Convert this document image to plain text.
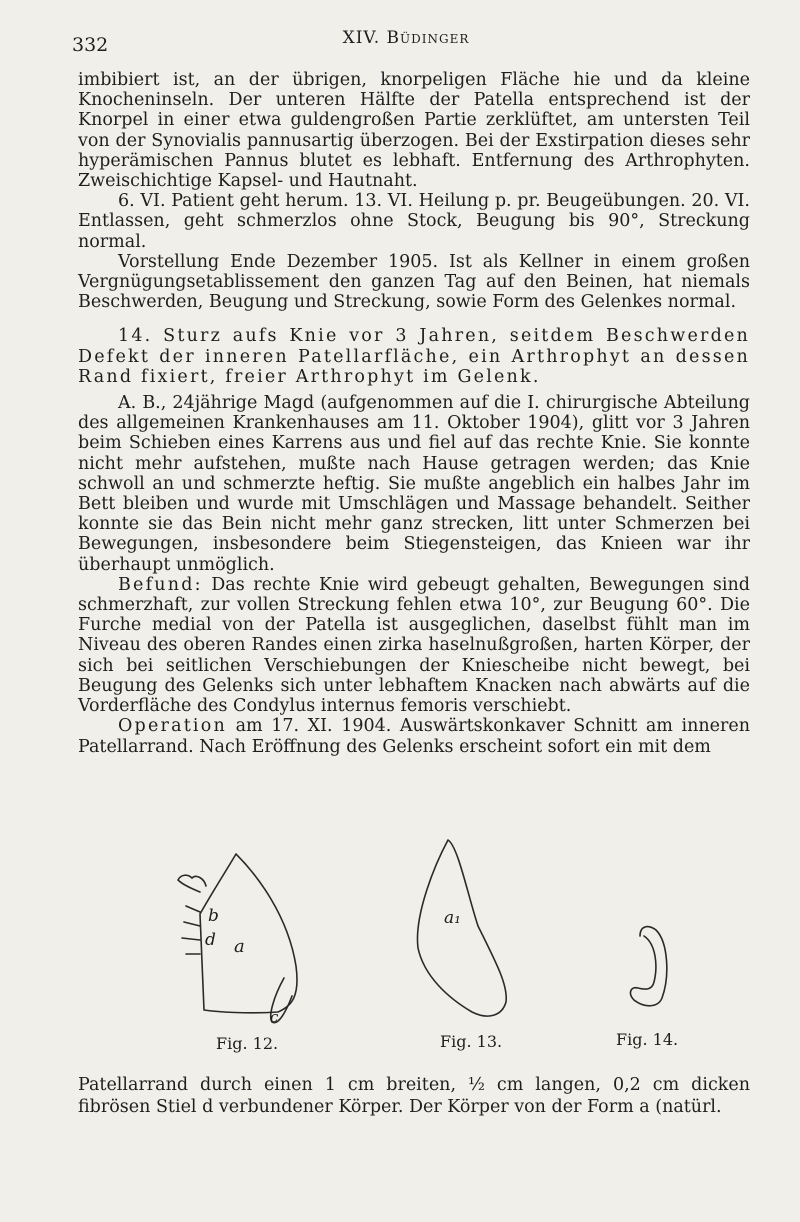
332	XIV. Büdinger

imbibiert ist, an der übrigen, knorpeligen Fläche hie und da kleine Knocheninseln. Der unteren Hälfte der Patella entsprechend ist der Knorpel in einer etwa guldengroßen Partie zerklüftet, am untersten Teil von der Synovialis pannusartig überzogen. Bei der Exstirpation dieses sehr hyperämischen Pannus blutet es lebhaft. Entfernung des Arthrophyten. Zweischichtige Kapsel- und Hautnaht.

6. VI. Patient geht herum. 13. VI. Heilung p. pr. Beugeübungen. 20. VI. Entlassen, geht schmerzlos ohne Stock, Beugung bis 90°, Streckung normal.

Vorstellung Ende Dezember 1905. Ist als Kellner in einem großen Vergnügungsetablissement den ganzen Tag auf den Beinen, hat niemals Beschwerden, Beugung und Streckung, sowie Form des Gelenkes normal.

14. Sturz aufs Knie vor 3 Jahren, seitdem Beschwerden Defekt der inneren Patellarfläche, ein Arthrophyt an dessen Rand fixiert, freier Arthrophyt im Gelenk.

A. B., 24jährige Magd (aufgenommen auf die I. chirurgische Abteilung des allgemeinen Krankenhauses am 11. Oktober 1904), glitt vor 3 Jahren beim Schieben eines Karrens aus und fiel auf das rechte Knie. Sie konnte nicht mehr aufstehen, mußte nach Hause getragen werden; das Knie schwoll an und schmerzte heftig. Sie mußte angeblich ein halbes Jahr im Bett bleiben und wurde mit Umschlägen und Massage behandelt. Seither konnte sie das Bein nicht mehr ganz strecken, litt unter Schmerzen bei Bewegungen, insbesondere beim Stiegensteigen, das Knieen war ihr überhaupt unmöglich.

Befund: Das rechte Knie wird gebeugt gehalten, Bewegungen sind schmerzhaft, zur vollen Streckung fehlen etwa 10°, zur Beugung 60°. Die Furche medial von der Patella ist ausgeglichen, daselbst fühlt man im Niveau des oberen Randes einen zirka haselnußgroßen, harten Körper, der sich bei seitlichen Verschiebungen der Kniescheibe nicht bewegt, bei Beugung des Gelenks sich unter lebhaftem Knacken nach abwärts auf die Vorderfläche des Condylus internus femoris verschiebt.

Operation am 17. XI. 1904. Auswärtskonkaver Schnitt am inneren Patellarrand. Nach Eröffnung des Gelenks erscheint sofort ein mit dem

b
d a
c
a₁
Fig. 12.	Fig. 13.	Fig. 14.

Patellarrand durch einen 1 cm breiten, ½ cm langen, 0,2 cm dicken fibrösen Stiel d verbundener Körper. Der Körper von der Form a (natürl.
